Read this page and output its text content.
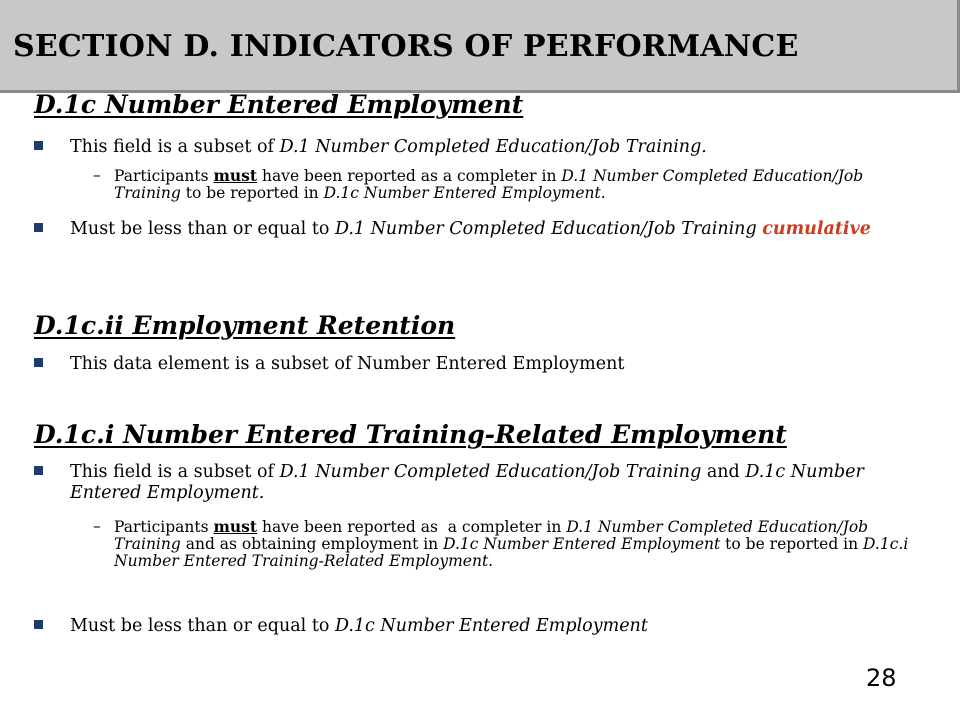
SECTION D. INDICATORS OF PERFORMANCE
D.1c Number Entered Employment

This field is a subset of D.1 Number Completed Education/Job Training.

– Participants must have been reported as a completer in D.1 Number Completed Education/Job Training to be reported in D.1c Number Entered Employment.

Must be less than or equal to D.1 Number Completed Education/Job Training cumulative

D.1c.ii Employment Retention

This data element is a subset of Number Entered Employment

D.1c.i Number Entered Training-Related Employment

This field is a subset of D.1 Number Completed Education/Job Training and D.1c Number Entered Employment.

– Participants must have been reported as  a completer in D.1 Number Completed Education/Job Training and as obtaining employment in D.1c Number Entered Employment to be reported in D.1c.i Number Entered Training-Related Employment.

Must be less than or equal to D.1c Number Entered Employment

28
